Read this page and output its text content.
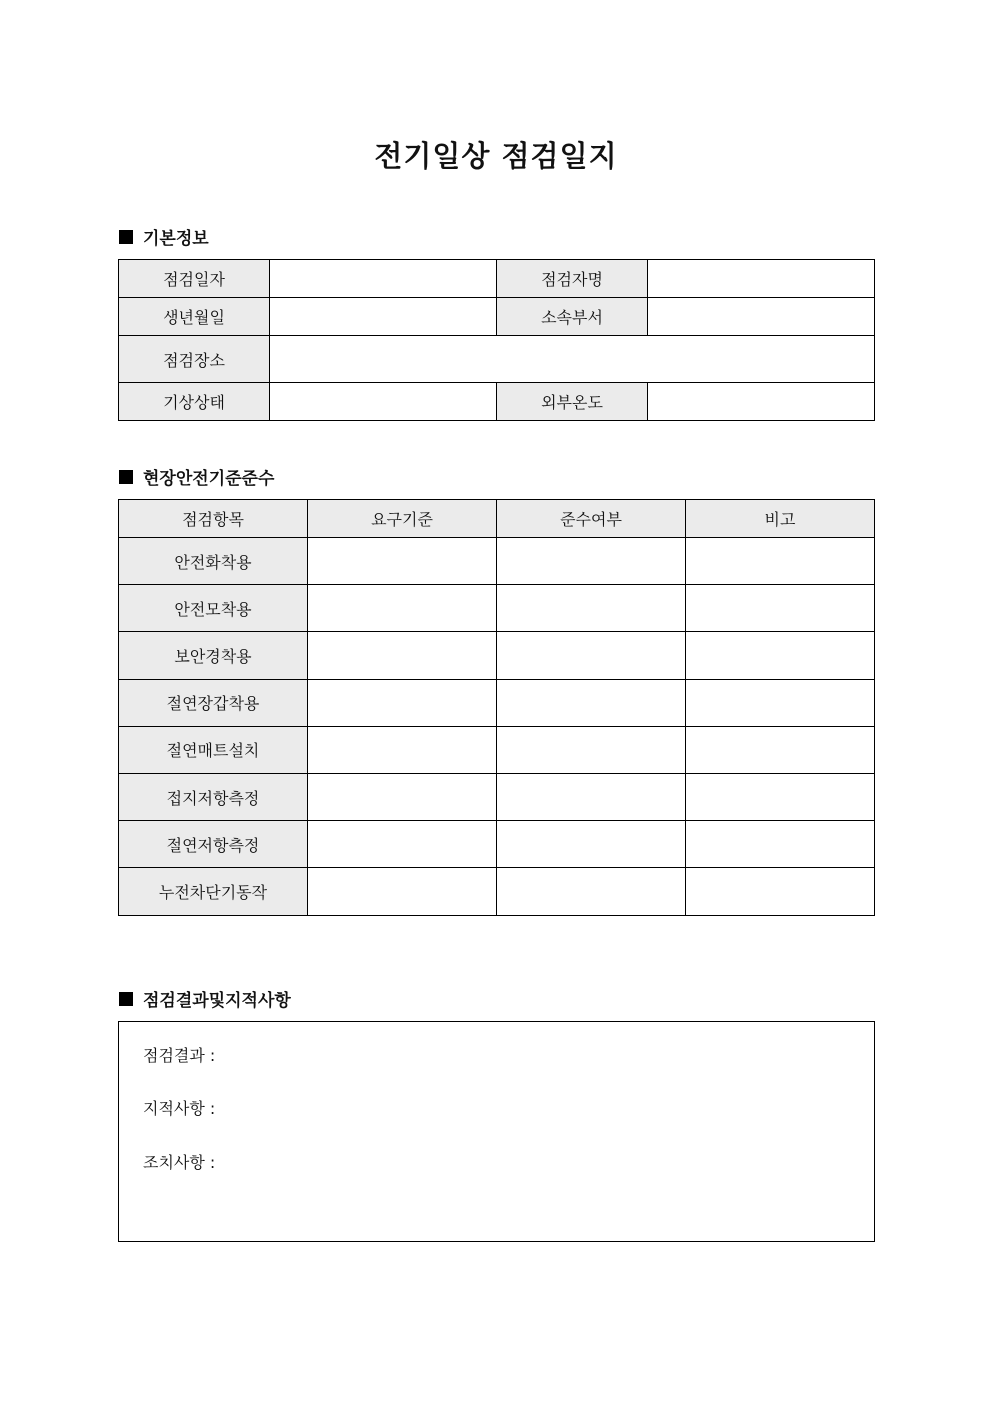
전기일상 점검일지
기본정보
점검일자		점검자명	
생년월일		소속부서	
점검장소			
기상상태		외부온도	
현장안전기준준수
점검항목	요구기준	준수여부	비고
안전화착용			
안전모착용			
보안경착용			
절연장갑착용			
절연매트설치			
접지저항측정			
절연저항측정			
누전차단기동작			
점검결과및지적사항
점검결과 :
지적사항 :
조치사항 :
